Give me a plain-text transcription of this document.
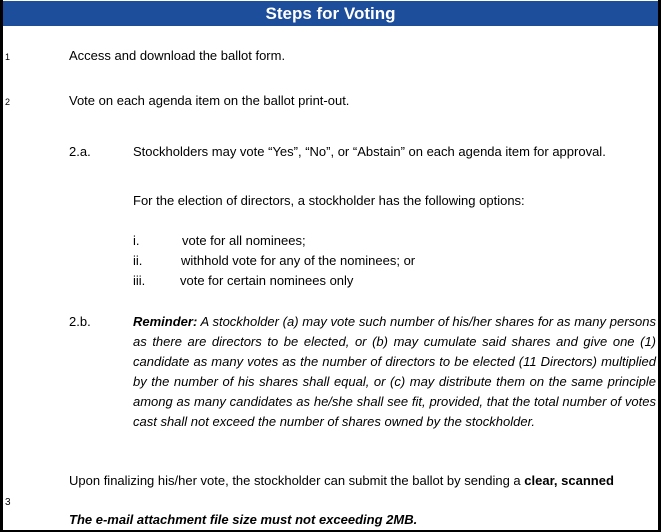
Steps for Voting
1	Access and download the ballot form.
2	Vote on each agenda item on the ballot print-out.
2.a.	Stockholders may vote “Yes”, “No”, or “Abstain” on each agenda item for approval.
For the election of directors, a stockholder has the following options:
i.	vote for all nominees;
ii.	withhold vote for any of the nominees; or
iii.	vote for certain nominees only
2.b.	Reminder: A stockholder (a) may vote such number of his/her shares for as many persons as there are directors to be elected, or (b) may cumulate said shares and give one (1) candidate as many votes as the number of directors to be elected (11 Directors) multiplied by the number of his shares shall equal, or (c) may distribute them on the same principle among as many candidates as he/she shall see fit, provided, that the total number of votes cast shall not exceed the number of shares owned by the stockholder.
Upon finalizing his/her vote, the stockholder can submit the ballot by sending a clear, scanned
3
The e-mail attachment file size must not exceeding 2MB.
